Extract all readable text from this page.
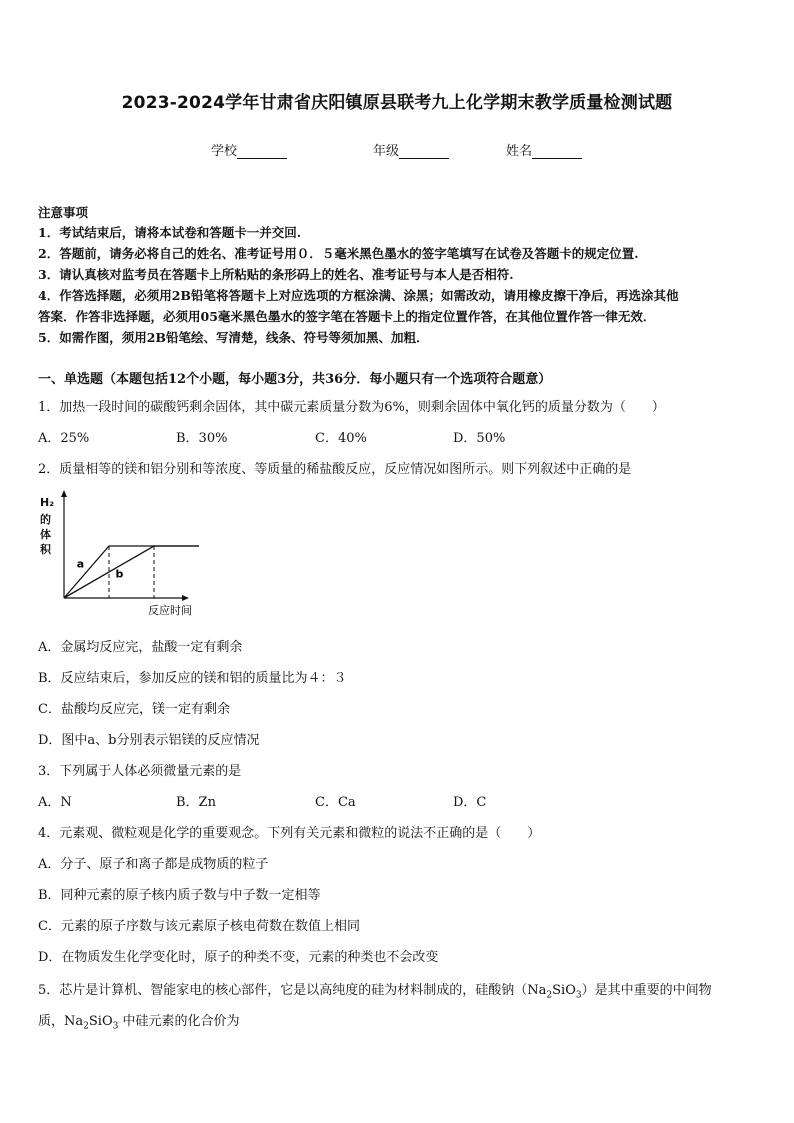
2023-2024学年甘肃省庆阳镇原县联考九上化学期末教学质量检测试题
学校	年级	姓名
注意事项
1．考试结束后，请将本试卷和答题卡一并交回.
2．答题前，请务必将自己的姓名、准考证号用０．５毫米黑色墨水的签字笔填写在试卷及答题卡的规定位置.
3．请认真核对监考员在答题卡上所粘贴的条形码上的姓名、准考证号与本人是否相符.
4．作答选择题，必须用2B铅笔将答题卡上对应选项的方框涂满、涂黑；如需改动，请用橡皮擦干净后，再选涂其他
答案．作答非选择题，必须用05毫米黑色墨水的签字笔在答题卡上的指定位置作答，在其他位置作答一律无效．
5．如需作图，须用2B铅笔绘、写清楚，线条、符号等须加黑、加粗．
一、单选题（本题包括12个小题，每小题3分，共36分．每小题只有一个选项符合题意）
1．加热一段时间的碳酸钙剩余固体，其中碳元素质量分数为6%，则剩余固体中氧化钙的质量分数为（　　）
A．25%	B．30%	C．40%	D．50%
2．质量相等的镁和铝分别和等浓度、等质量的稀盐酸反应，反应情况如图所示。则下列叙述中正确的是
H₂
的
体
积
a
b
反应时间
A．金属均反应完，盐酸一定有剩余
B．反应结束后，参加反应的镁和铝的质量比为４：３
C．盐酸均反应完，镁一定有剩余
D．图中a、b分别表示铝镁的反应情况
3．下列属于人体必须微量元素的是
A．N	B．Zn	C．Ca	D．C
4．元素观、微粒观是化学的重要观念。下列有关元素和微粒的说法不正确的是（　　）
A．分子、原子和离子都是成物质的粒子
B．同种元素的原子核内质子数与中子数一定相等
C．元素的原子序数与该元素原子核电荷数在数值上相同
D．在物质发生化学变化时，原子的种类不变，元素的种类也不会改变
5．芯片是计算机、智能家电的核心部件，它是以高纯度的硅为材料制成的，硅酸钠$(Na_2SiO_3)$是其中重要的中间物
质，$Na_2SiO_3$ 中硅元素的化合价为
